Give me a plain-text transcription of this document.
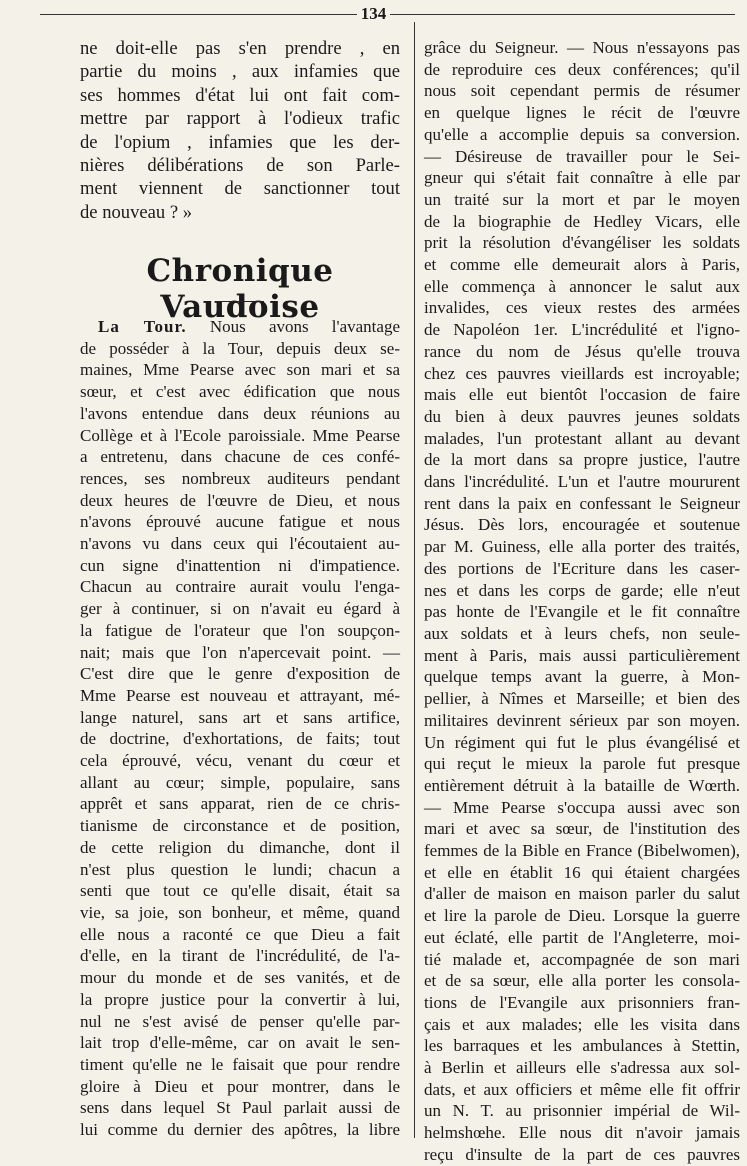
134

ne doit-elle pas s'en prendre , en

partie du moins , aux infamies que

ses hommes d'état lui ont fait com-

mettre par rapport à l'odieux trafic

de l'opium , infamies que les der-

nières délibérations de son Parle-

ment viennent de sanctionner tout

de nouveau ? »

Chronique Vaudoise

La Tour. Nous avons l'avantage

de posséder à la Tour, depuis deux se-

maines, Mme Pearse avec son mari et sa

sœur, et c'est avec édification que nous

l'avons entendue dans deux réunions au

Collège et à l'Ecole paroissiale. Mme Pearse

a entretenu, dans chacune de ces confé-

rences, ses nombreux auditeurs pendant

deux heures de l'œuvre de Dieu, et nous

n'avons éprouvé aucune fatigue et nous

n'avons vu dans ceux qui l'écoutaient au-

cun signe d'inattention ni d'impatience.

Chacun au contraire aurait voulu l'enga-

ger à continuer, si on n'avait eu égard à

la fatigue de l'orateur que l'on soupçon-

nait; mais que l'on n'apercevait point. —

C'est dire que le genre d'exposition de

Mme Pearse est nouveau et attrayant, mé-

lange naturel, sans art et sans artifice,

de doctrine, d'exhortations, de faits; tout

cela éprouvé, vécu, venant du cœur et

allant au cœur; simple, populaire, sans

apprêt et sans apparat, rien de ce chris-

tianisme de circonstance et de position,

de cette religion du dimanche, dont il

n'est plus question le lundi; chacun a

senti que tout ce qu'elle disait, était sa

vie, sa joie, son bonheur, et même, quand

elle nous a raconté ce que Dieu a fait

d'elle, en la tirant de l'incrédulité, de l'a-

mour du monde et de ses vanités, et de

la propre justice pour la convertir à lui,

nul ne s'est avisé de penser qu'elle par-

lait trop d'elle-même, car on avait le sen-

timent qu'elle ne le faisait que pour rendre

gloire à Dieu et pour montrer, dans le

sens dans lequel St Paul parlait aussi de

lui comme du dernier des apôtres, la libre

grâce du Seigneur. — Nous n'essayons pas

de reproduire ces deux conférences; qu'il

nous soit cependant permis de résumer

en quelque lignes le récit de l'œuvre

qu'elle a accomplie depuis sa conversion.

— Désireuse de travailler pour le Sei-

gneur qui s'était fait connaître à elle par

un traité sur la mort et par le moyen

de la biographie de Hedley Vicars, elle

prit la résolution d'évangéliser les soldats

et comme elle demeurait alors à Paris,

elle commença à annoncer le salut aux

invalides, ces vieux restes des armées

de Napoléon 1er. L'incrédulité et l'igno-

rance du nom de Jésus qu'elle trouva

chez ces pauvres vieillards est incroyable;

mais elle eut bientôt l'occasion de faire

du bien à deux pauvres jeunes soldats

malades, l'un protestant allant au devant

de la mort dans sa propre justice, l'autre

dans l'incrédulité. L'un et l'autre moururent

rent dans la paix en confessant le Seigneur

Jésus. Dès lors, encouragée et soutenue

par M. Guiness, elle alla porter des traités,

des portions de l'Ecriture dans les caser-

nes et dans les corps de garde; elle n'eut

pas honte de l'Evangile et le fit connaître

aux soldats et à leurs chefs, non seule-

ment à Paris, mais aussi particulièrement

quelque temps avant la guerre, à Mon-

pellier, à Nîmes et Marseille; et bien des

militaires devinrent sérieux par son moyen.

Un régiment qui fut le plus évangélisé et

qui reçut le mieux la parole fut presque

entièrement détruit à la bataille de Wœrth.

— Mme Pearse s'occupa aussi avec son

mari et avec sa sœur, de l'institution des

femmes de la Bible en France (Bibelwomen),

et elle en établit 16 qui étaient chargées

d'aller de maison en maison parler du salut

et lire la parole de Dieu. Lorsque la guerre

eut éclaté, elle partit de l'Angleterre, moi-

tié malade et, accompagnée de son mari

et de sa sœur, elle alla porter les consola-

tions de l'Evangile aux prisonniers fran-

çais et aux malades; elle les visita dans

les barraques et les ambulances à Stettin,

à Berlin et ailleurs elle s'adressa aux sol-

dats, et aux officiers et même elle fit offrir

un N. T. au prisonnier impérial de Wil-

helmshœhe. Elle nous dit n'avoir jamais

reçu d'insulte de la part de ces pauvres
